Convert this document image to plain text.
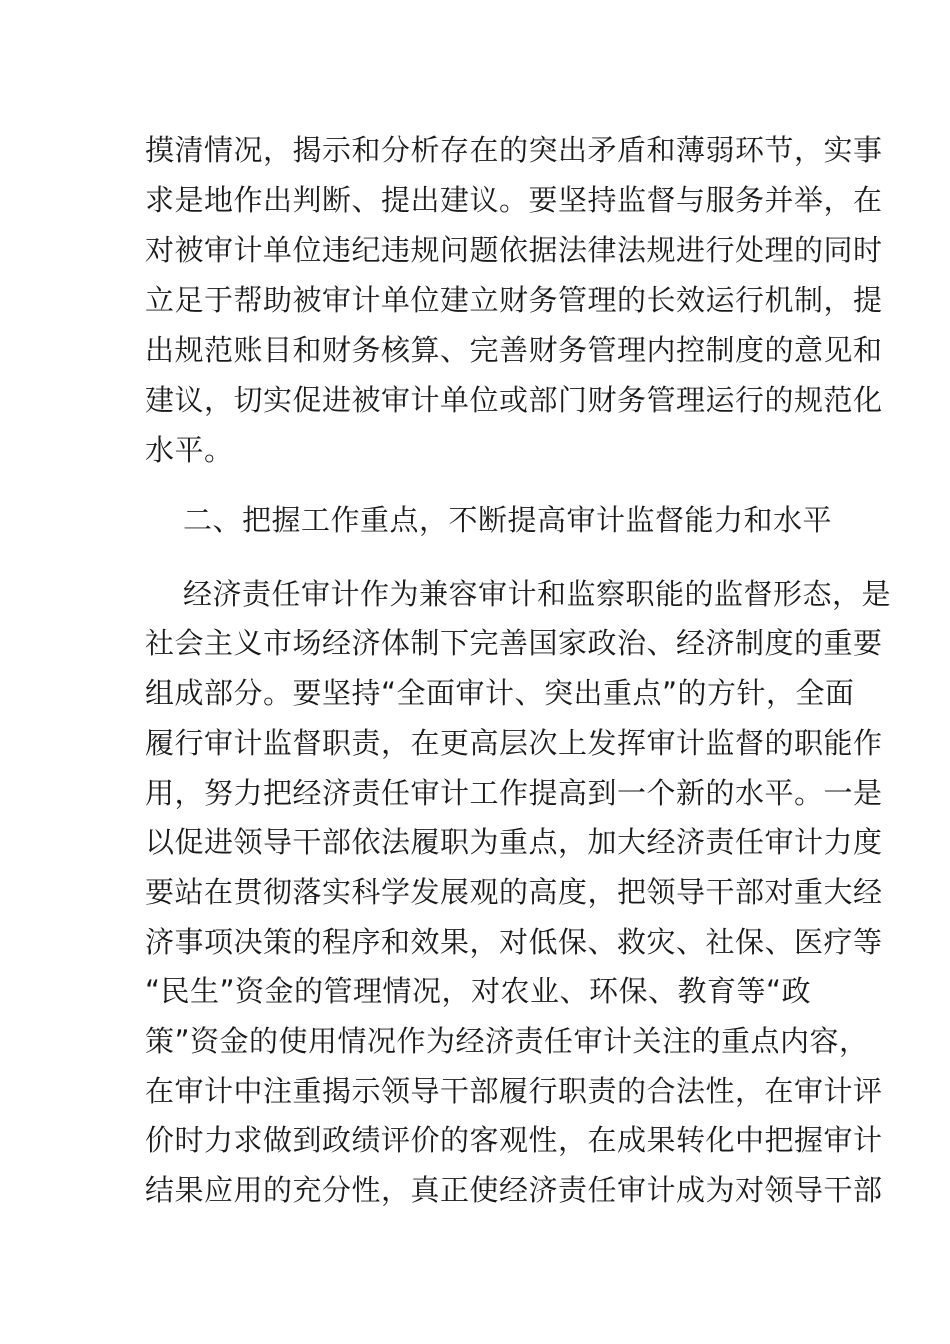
摸清情况，揭示和分析存在的突出矛盾和薄弱环节，实事
求是地作出判断、提出建议。要坚持监督与服务并举，在
对被审计单位违纪违规问题依据法律法规进行处理的同时
立足于帮助被审计单位建立财务管理的长效运行机制，提
出规范账目和财务核算、完善财务管理内控制度的意见和
建议，切实促进被审计单位或部门财务管理运行的规范化
水平。
二、把握工作重点，不断提高审计监督能力和水平
经济责任审计作为兼容审计和监察职能的监督形态，是
社会主义市场经济体制下完善国家政治、经济制度的重要
组成部分。要坚持“全面审计、突出重点”的方针，全面
履行审计监督职责，在更高层次上发挥审计监督的职能作
用，努力把经济责任审计工作提高到一个新的水平。一是
以促进领导干部依法履职为重点，加大经济责任审计力度
要站在贯彻落实科学发展观的高度，把领导干部对重大经
济事项决策的程序和效果，对低保、救灾、社保、医疗等
“民生”资金的管理情况，对农业、环保、教育等“政
策”资金的使用情况作为经济责任审计关注的重点内容，
在审计中注重揭示领导干部履行职责的合法性，在审计评
价时力求做到政绩评价的客观性，在成果转化中把握审计
结果应用的充分性，真正使经济责任审计成为对领导干部
